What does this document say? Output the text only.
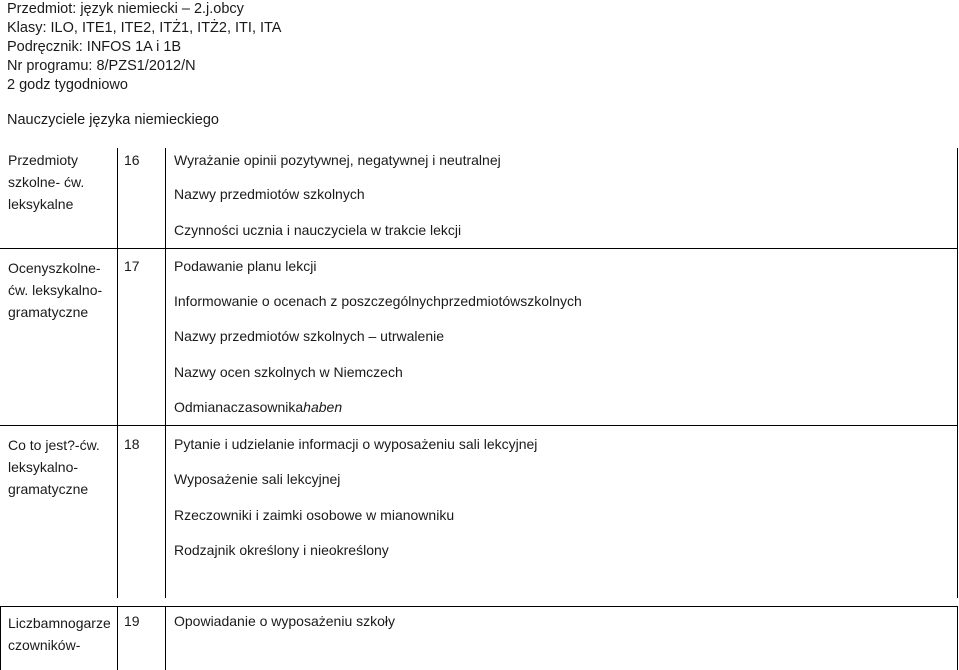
Przedmiot: język niemiecki – 2.j.obcy
Klasy: ILO, ITE1, ITE2, ITŻ1, ITŻ2, ITI, ITA
Podręcznik: INFOS 1A i 1B
Nr programu: 8/PZS1/2012/N
2 godz tygodniowo
Nauczyciele języka niemieckiego
Przedmioty szkolne- ćw. leksykalne
16	Wyrażanie opinii pozytywnej, negatywnej i neutralnej
Nazwy przedmiotów szkolnych
Czynności ucznia i nauczyciela w trakcie lekcji
Ocenyszkolne-ćw. leksykalno-gramatyczne
17	Podawanie planu lekcji
Informowanie o ocenach z poszczególnychprzedmiotówszkolnych
Nazwy przedmiotów szkolnych – utrwalenie
Nazwy ocen szkolnych w Niemczech
Odmianaczasownikahaben
Co to jest?-ćw. leksykalno-gramatyczne
18	Pytanie i udzielanie informacji o wyposażeniu sali lekcyjnej
Wyposażenie sali lekcyjnej
Rzeczowniki i zaimki osobowe w mianowniku
Rodzajnik określony i nieokreślony
Liczbamnogarze czowników-
19	Opowiadanie o wyposażeniu szkoły
